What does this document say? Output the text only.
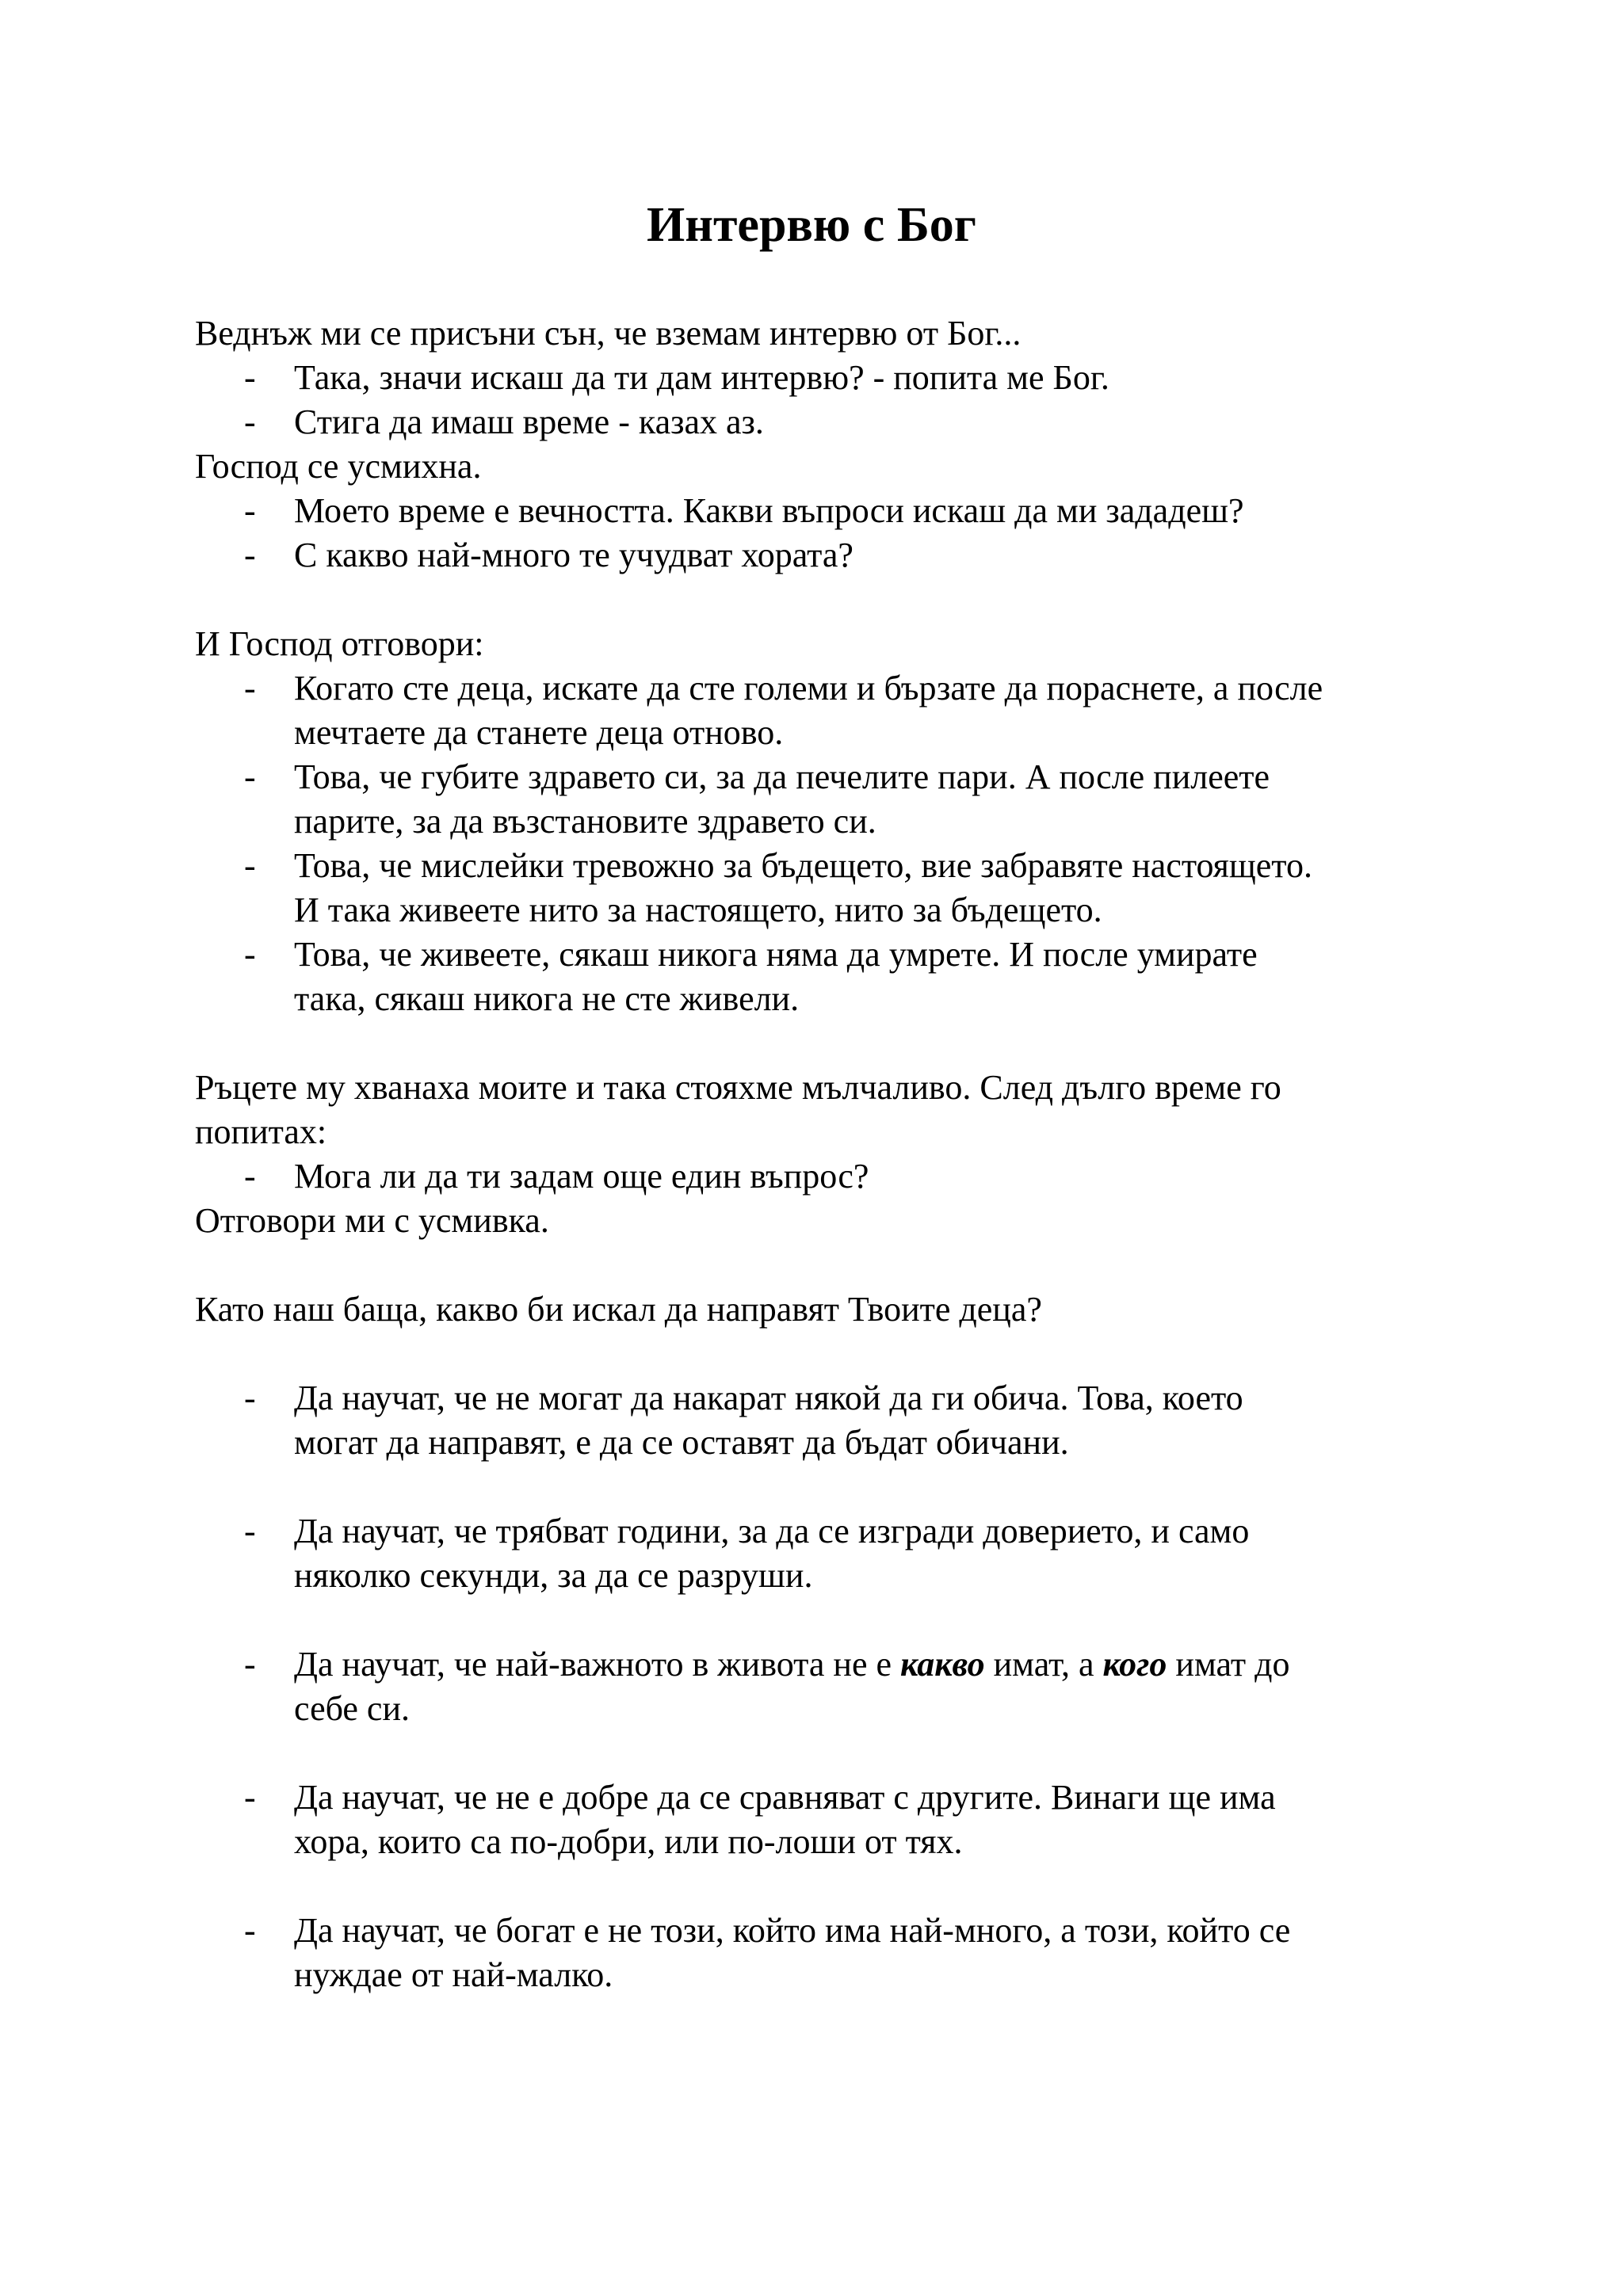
Интервю с Бог

Веднъж ми се присъни сън, че вземам интервю от Бог...

- Така, значи искаш да ти дам интервю? - попита ме Бог.
- Стига да имаш време - казах аз.

Господ се усмихна.

- Моето време е вечността. Какви въпроси искаш да ми зададеш?
- С какво най-много те учудват хората?

И Господ отговори:

- Когато сте деца, искате да сте големи и бързате да пораснете, а после
мечтаете да станете деца отново.
- Това, че губите здравето си, за да печелите пари. А после пилеете
парите, за да възстановите здравето си.
- Това, че мислейки тревожно за бъдещето, вие забравяте настоящето.
И така живеете нито за настоящето, нито за бъдещето.
- Това, че живеете, сякаш никога няма да умрете. И после умирате
така, сякаш никога не сте живели.
Ръцете му хванаха моите и така стояхме мълчаливо. След дълго време го
попитах:
- Мога ли да ти задам още един въпрос?

Отговори ми с усмивка.

Като наш баща, какво би искал да направят Твоите деца?

- Да научат, че не могат да накарат някой да ги обича. Това, което
могат да направят, е да се оставят да бъдат обичани.
- Да научат, че трябват години, за да се изгради доверието, и само
няколко секунди, за да се разруши.
- Да научат, че най-важното в живота не е какво имат, а кого имат до
себе си.
- Да научат, че не е добре да се сравняват с другите. Винаги ще има
хора, които са по-добри, или по-лоши от тях.
- Да научат, че богат е не този, който има най-много, а този, който се
нуждае от най-малко.
